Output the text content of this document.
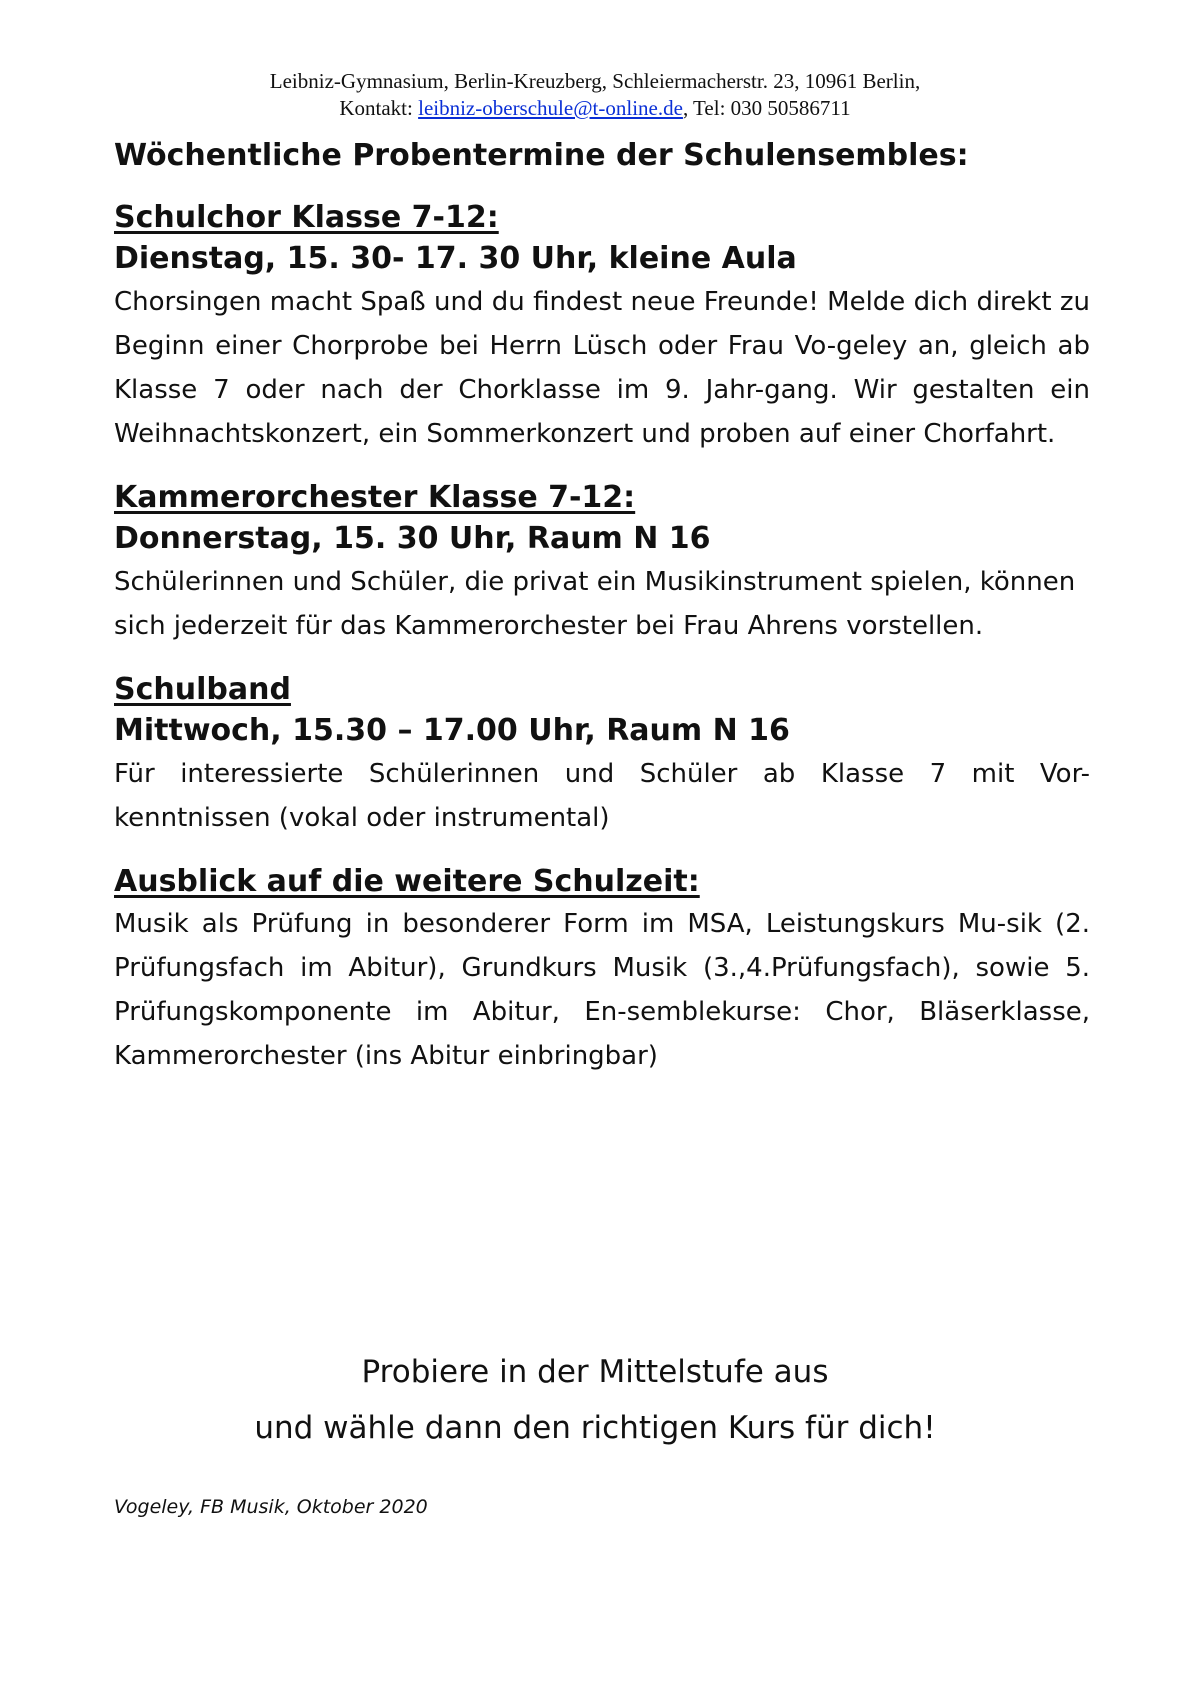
Leibniz-Gymnasium, Berlin-Kreuzberg, Schleiermacherstr. 23, 10961 Berlin,
Kontakt: leibniz-oberschule@t-online.de, Tel: 030 50586711
Wöchentliche Probentermine der Schulensembles:
Schulchor Klasse 7-12:
Dienstag, 15. 30- 17. 30 Uhr, kleine Aula

Chorsingen macht Spaß und du findest neue Freunde! Melde dich direkt zu Beginn einer Chorprobe bei Herrn Lüsch oder Frau Vo-geley an, gleich ab Klasse 7 oder nach der Chorklasse im 9. Jahr-gang. Wir gestalten ein Weihnachtskonzert, ein Sommerkonzert und proben auf einer Chorfahrt.

Kammerorchester Klasse 7-12:
Donnerstag, 15. 30 Uhr, Raum N 16

Schülerinnen und Schüler, die privat ein Musikinstrument spielen, können sich jederzeit für das Kammerorchester bei Frau Ahrens vorstellen.

Schulband
Mittwoch, 15.30 – 17.00 Uhr, Raum N 16

Für interessierte Schülerinnen und Schüler ab Klasse 7 mit Vor-kenntnissen (vokal oder instrumental)

Ausblick auf die weitere Schulzeit:

Musik als Prüfung in besonderer Form im MSA, Leistungskurs Mu-sik (2. Prüfungsfach im Abitur), Grundkurs Musik (3.,4.Prüfungsfach), sowie 5. Prüfungskomponente im Abitur, En-semblekurse: Chor, Bläserklasse, Kammerorchester (ins Abitur einbringbar)

Probiere in der Mittelstufe aus
und wähle dann den richtigen Kurs für dich!
Vogeley, FB Musik, Oktober 2020
